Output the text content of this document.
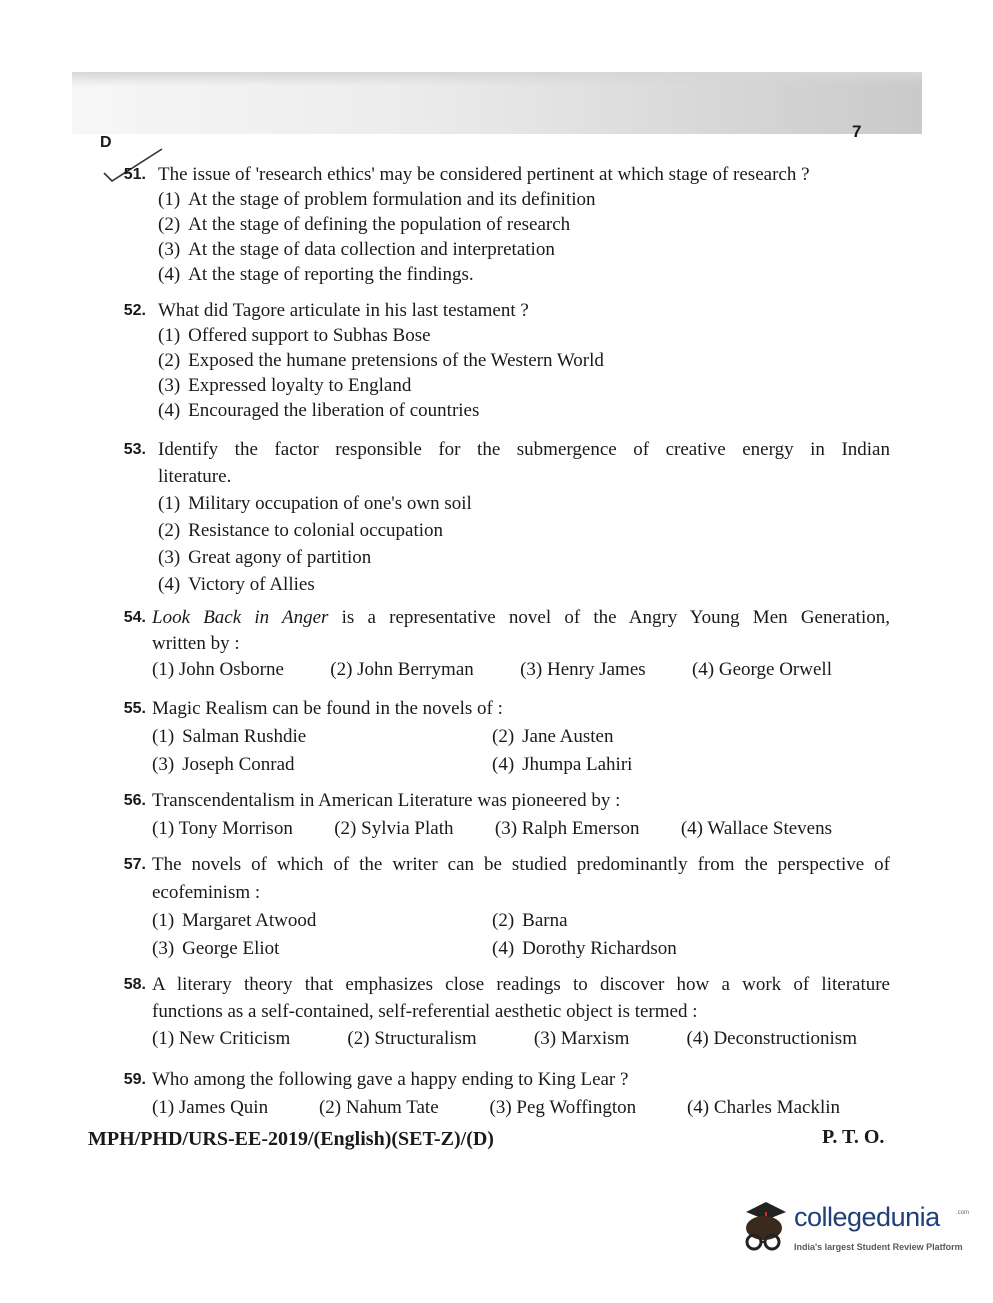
D
7
51. The issue of 'research ethics' may be considered pertinent at which stage of research ?
(1) At the stage of problem formulation and its definition
(2) At the stage of defining the population of research
(3) At the stage of data collection and interpretation
(4) At the stage of reporting the findings.
52. What did Tagore articulate in his last testament ?
(1) Offered support to Subhas Bose
(2) Exposed the humane pretensions of the Western World
(3) Expressed loyalty to England
(4) Encouraged the liberation of countries
53. Identify the factor responsible for the submergence of creative energy in Indian
literature.
(1) Military occupation of one's own soil
(2) Resistance to colonial occupation
(3) Great agony of partition
(4) Victory of Allies
54. Look Back in Anger is a representative novel of the Angry Young Men Generation,
written by :
(1) John Osborne (2) John Berryman (3) Henry James (4) George Orwell
55. Magic Realism can be found in the novels of :
(1) Salman Rushdie	(2) Jane Austen
(3) Joseph Conrad	(4) Jhumpa Lahiri
56. Transcendentalism in American Literature was pioneered by :
(1) Tony Morrison (2) Sylvia Plath (3) Ralph Emerson (4) Wallace Stevens
57. The novels of which of the writer can be studied predominantly from the perspective of
ecofeminism :
(1) Margaret Atwood	(2) Barna
(3) George Eliot	(4) Dorothy Richardson
58. A literary theory that emphasizes close readings to discover how a work of literature
functions as a self-contained, self-referential aesthetic object is termed :
(1) New Criticism	(2) Structuralism	(3) Marxism	(4) Deconstructionism
59. Who among the following gave a happy ending to King Lear ?
(1) James Quin	(2) Nahum Tate	(3) Peg Woffington	(4) Charles Macklin
MPH/PHD/URS-EE-2019/(English)(SET-Z)/(D)	P. T. O.
collegedunia	.com
India's largest Student Review Platform
